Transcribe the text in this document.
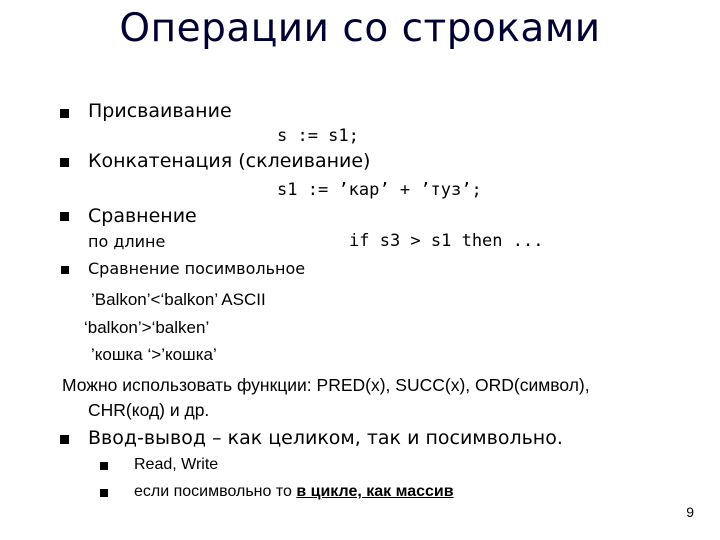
Операции со строками
Присваивание
s := s1;
Конкатенация (склеивание)
s1 := ’кар’ + ’туз’;
Сравнение
по длине	if s3 > s1 then ...
Сравнение посимвольное
’Balkon’<‘balkon’ ASCII
‘balkon’>‘balken’
’кошка ‘>’кошка’
Можно использовать функции: PRED(x), SUCC(x), ORD(символ),
CHR(код) и др.
Ввод-вывод – как целиком, так и посимвольно.
Read, Write
если посимвольно то в цикле, как массив
9
